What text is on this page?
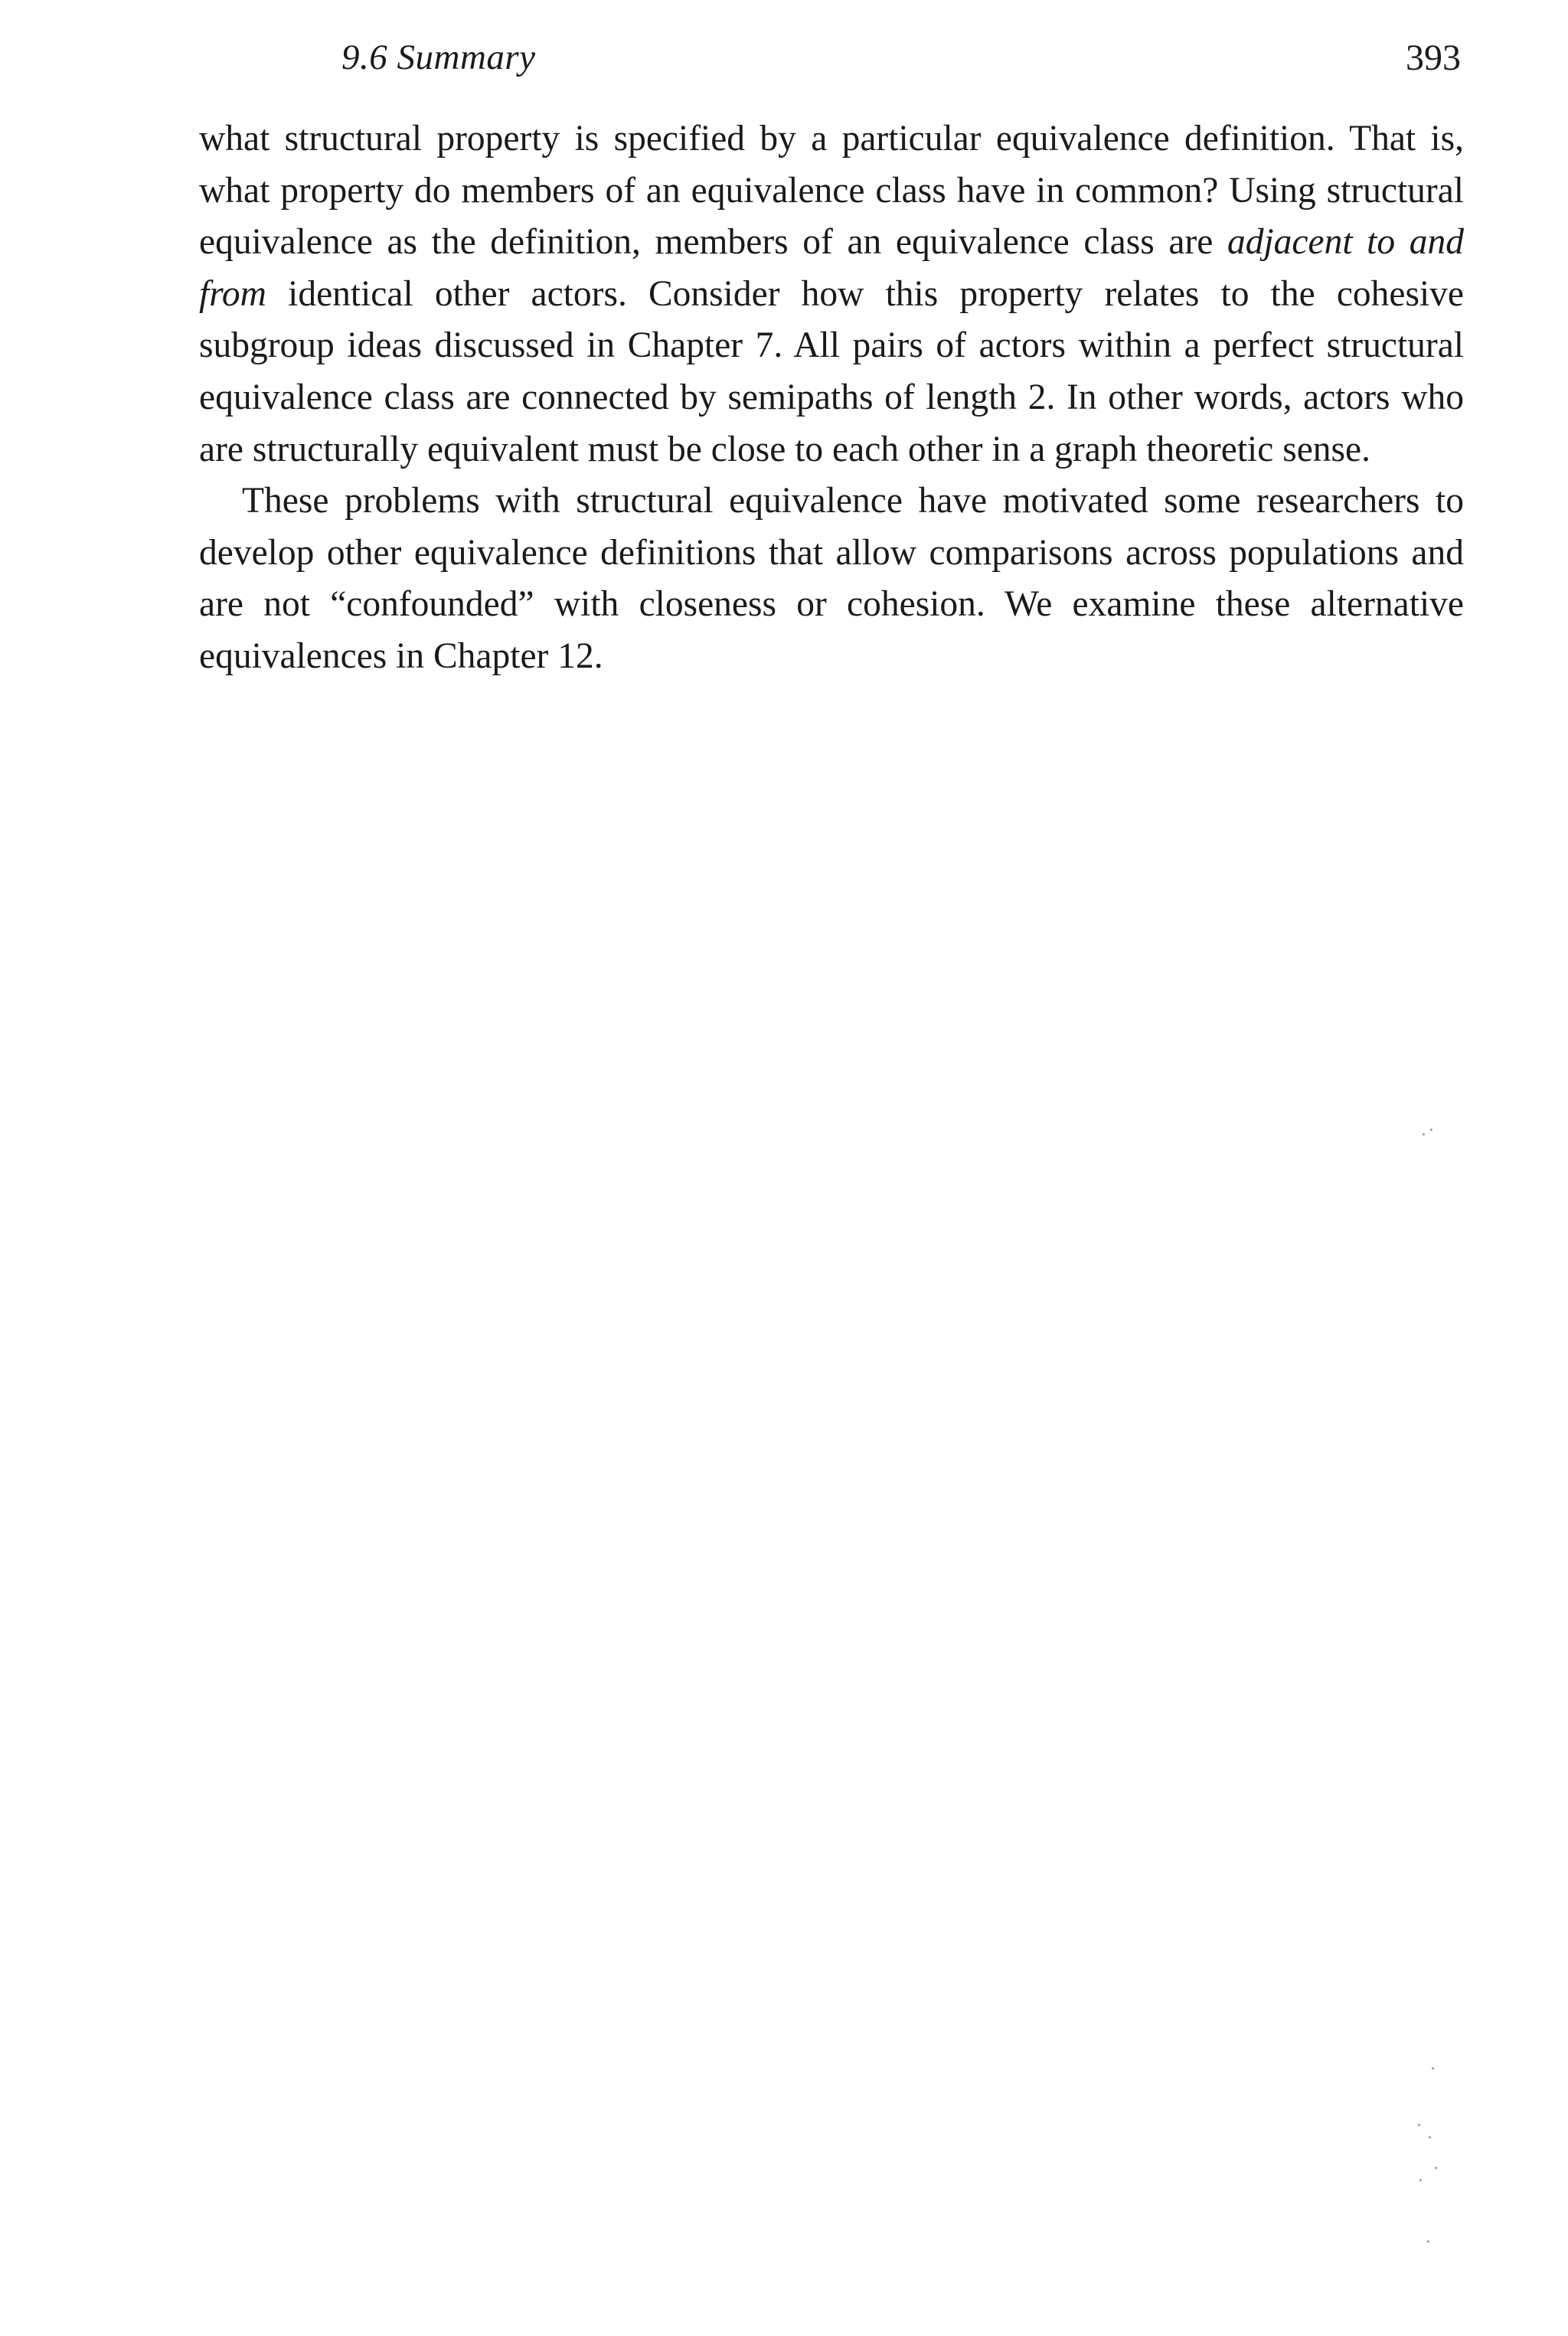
9.6 Summary	393

what structural property is specified by a particular equivalence definition. That is, what property do members of an equivalence class have in common? Using structural equivalence as the definition, members of an equivalence class are adjacent to and from identical other actors. Consider how this property relates to the cohesive subgroup ideas discussed in Chapter 7. All pairs of actors within a perfect structural equivalence class are connected by semipaths of length 2. In other words, actors who are structurally equivalent must be close to each other in a graph theoretic sense.

These problems with structural equivalence have motivated some researchers to develop other equivalence definitions that allow comparisons across populations and are not “confounded” with closeness or cohesion. We examine these alternative equivalences in Chapter 12.
